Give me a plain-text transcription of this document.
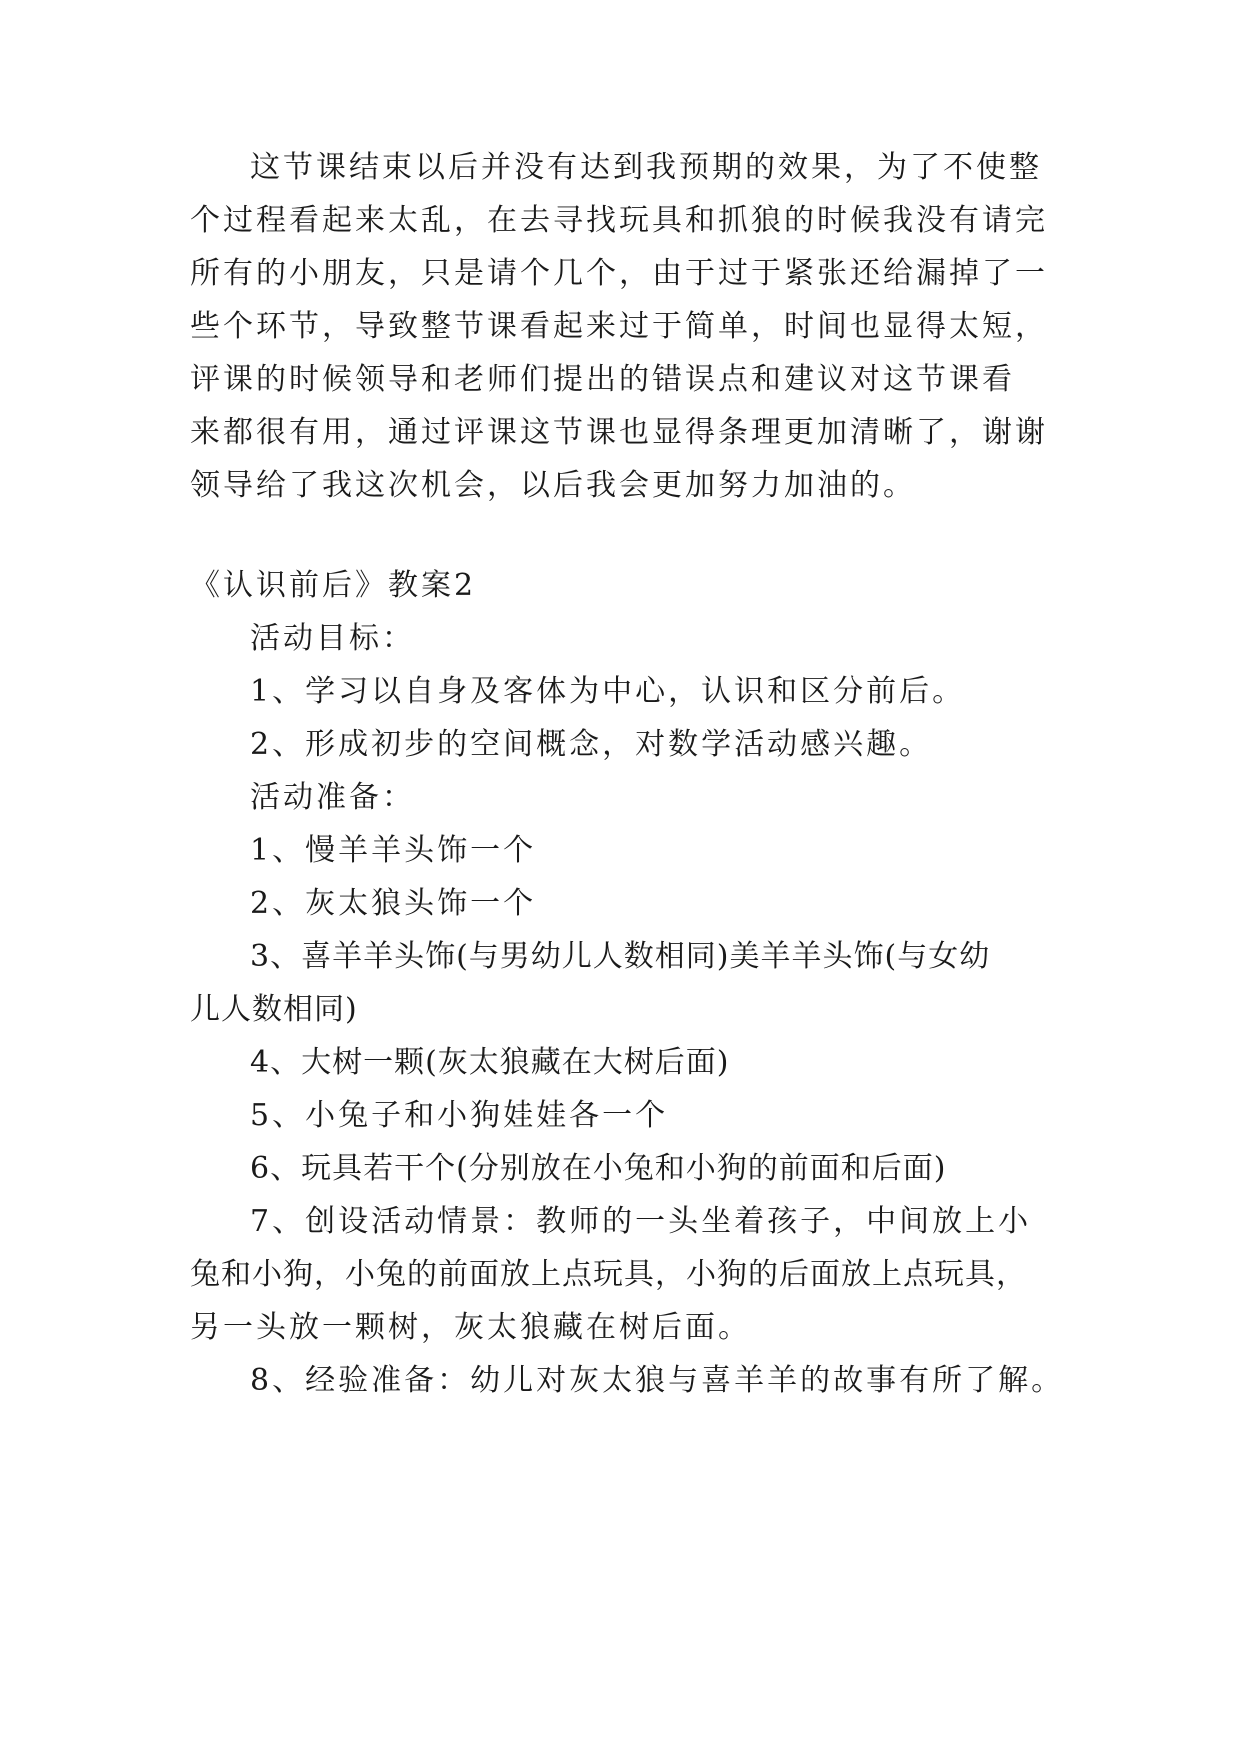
这节课结束以后并没有达到我预期的效果，为了不使整
个过程看起来太乱，在去寻找玩具和抓狼的时候我没有请完
所有的小朋友，只是请个几个，由于过于紧张还给漏掉了一
些个环节，导致整节课看起来过于简单，时间也显得太短，
评课的时候领导和老师们提出的错误点和建议对这节课看
来都很有用，通过评课这节课也显得条理更加清晰了，谢谢
领导给了我这次机会，以后我会更加努力加油的。
《认识前后》教案2
活动目标：
1、学习以自身及客体为中心，认识和区分前后。
2、形成初步的空间概念，对数学活动感兴趣。
活动准备：
1、慢羊羊头饰一个
2、灰太狼头饰一个
3、喜羊羊头饰(与男幼儿人数相同)美羊羊头饰(与女幼
儿人数相同)
4、大树一颗(灰太狼藏在大树后面)
5、小兔子和小狗娃娃各一个
6、玩具若干个(分别放在小兔和小狗的前面和后面)
7、创设活动情景：教师的一头坐着孩子，中间放上小
兔和小狗，小兔的前面放上点玩具，小狗的后面放上点玩具，
另一头放一颗树，灰太狼藏在树后面。
8、经验准备：幼儿对灰太狼与喜羊羊的故事有所了解。
